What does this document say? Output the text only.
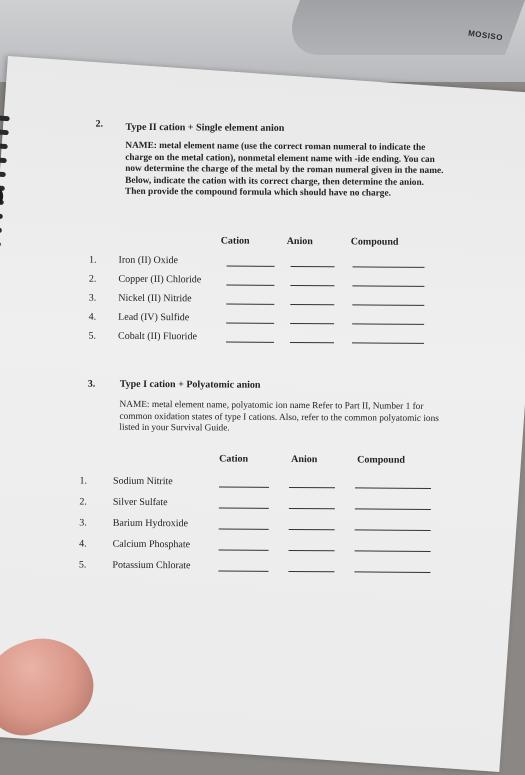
MOSISO
2. Type II cation + Single element anion
NAME: metal element name (use the correct roman numeral to indicate the charge on the metal cation), nonmetal element name with -ide ending. You can now determine the charge of the metal by the roman numeral given in the name. Below, indicate the cation with its correct charge, then determine the anion. Then provide the compound formula which should have no charge.
Cation	Anion	Compound
1. Iron (II) Oxide
2. Copper (II) Chloride
3. Nickel (II) Nitride
4. Lead (IV) Sulfide
5. Cobalt (II) Fluoride
3. Type I cation + Polyatomic anion
NAME: metal element name, polyatomic ion name Refer to Part II, Number 1 for common oxidation states of type I cations. Also, refer to the common polyatomic ions listed in your Survival Guide.
Cation	Anion	Compound
1.	Sodium Nitrite
2.	Silver Sulfate
3.	Barium Hydroxide
4.	Calcium Phosphate
5.	Potassium Chlorate
